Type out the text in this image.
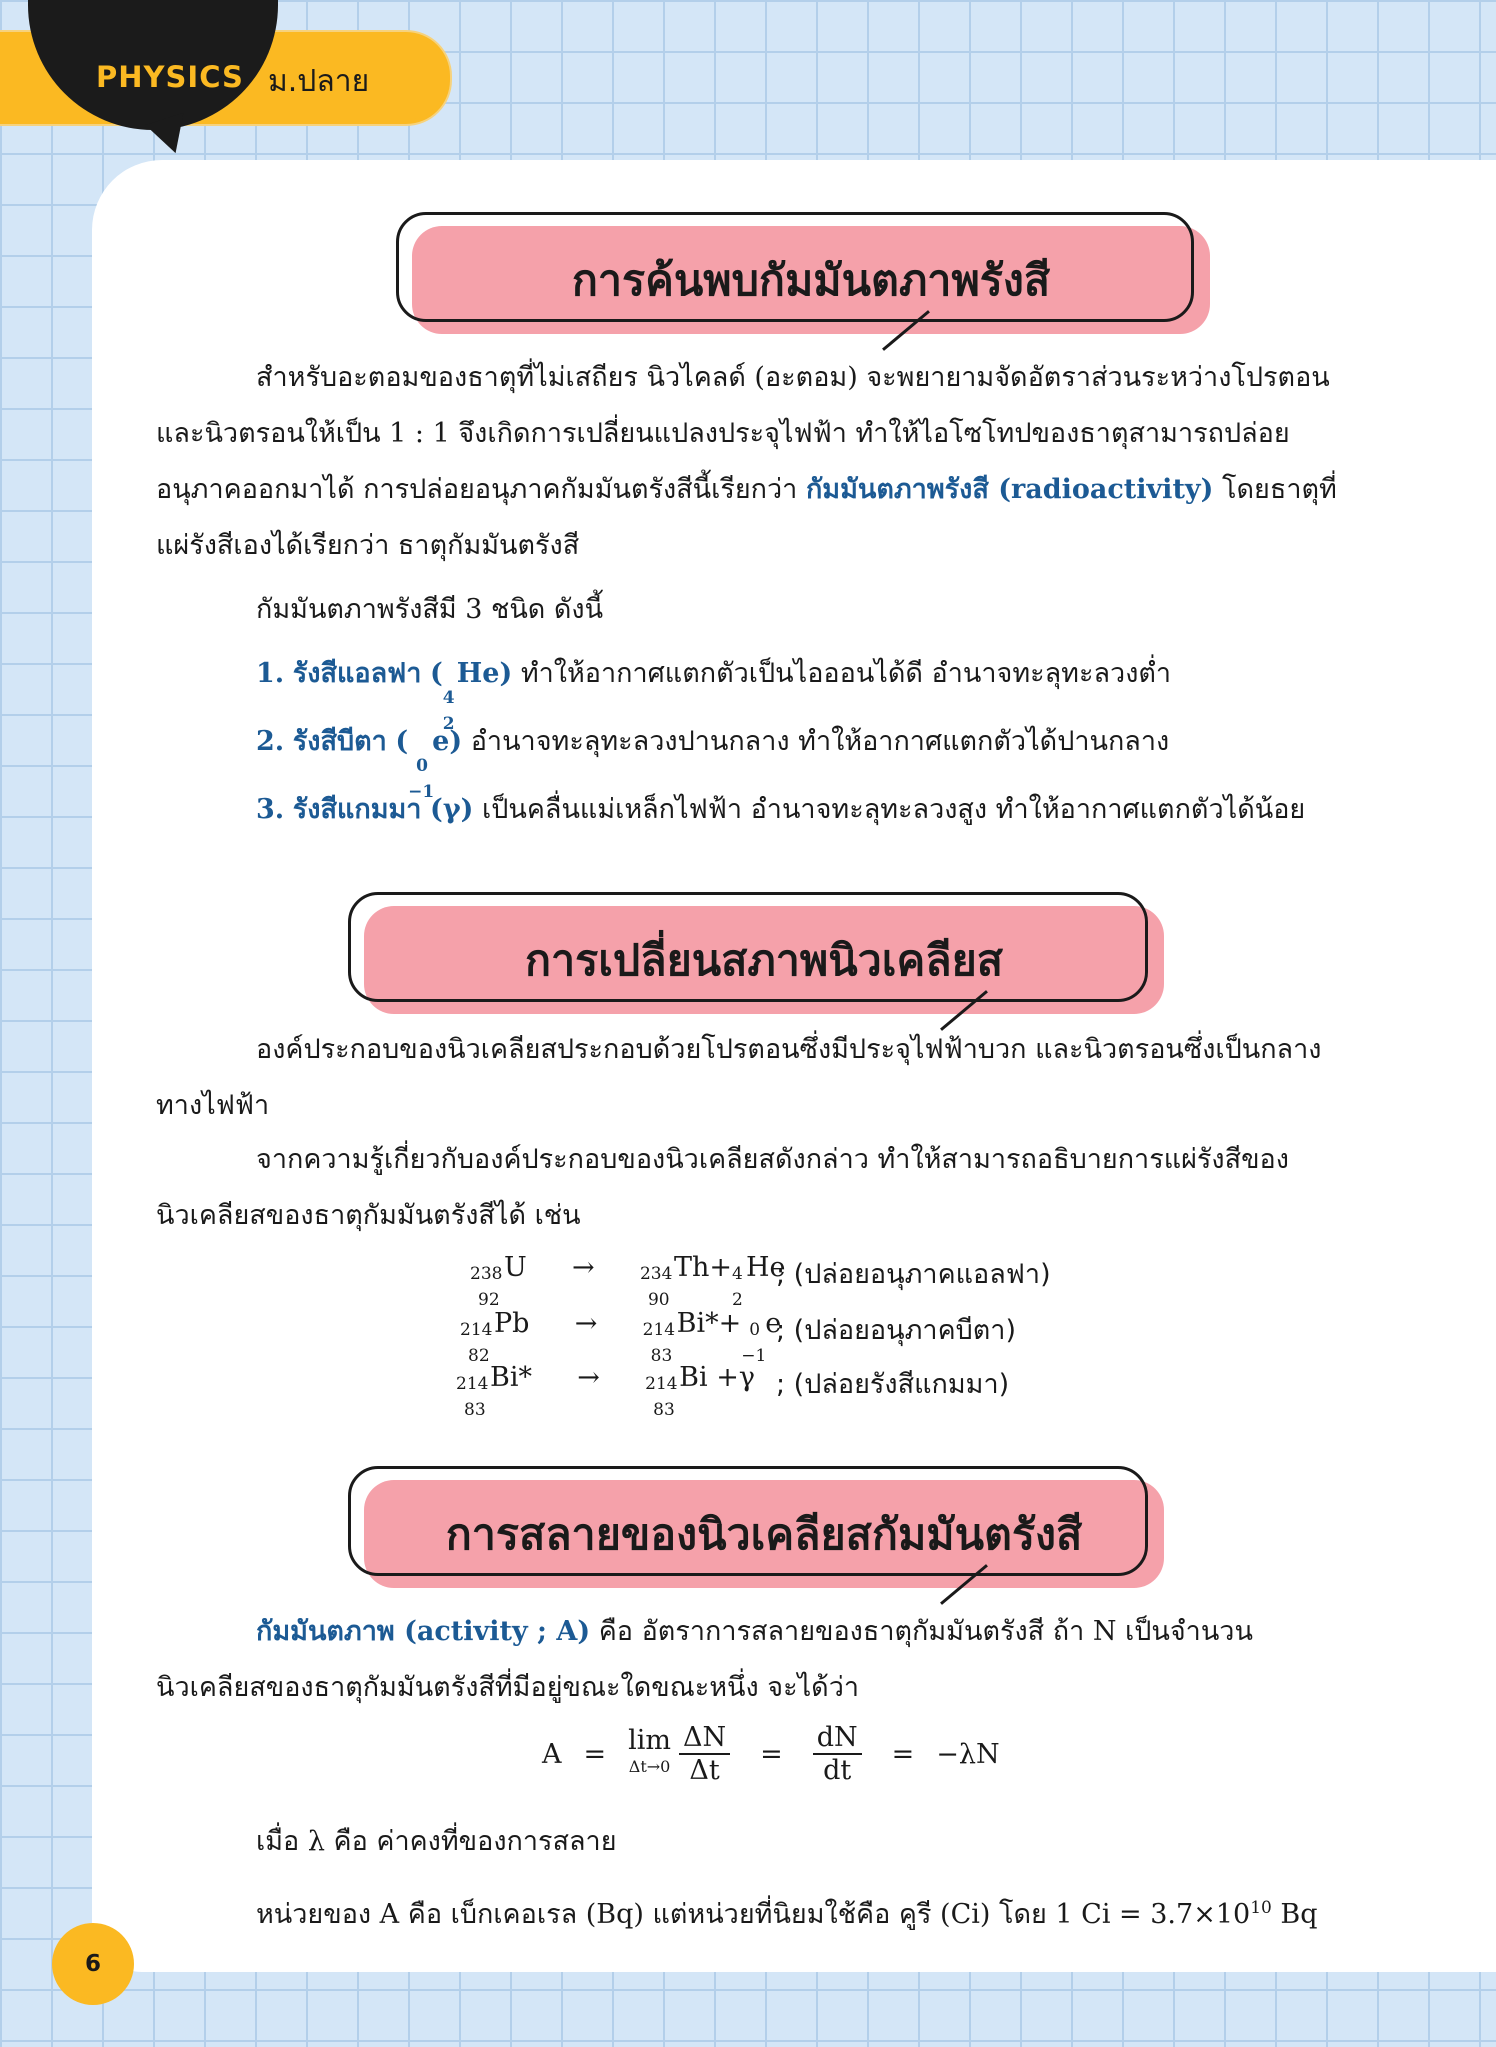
PHYSICS ม.ปลาย
การค้นพบกัมมันตภาพรังสี
สำหรับอะตอมของธาตุที่ไม่เสถียร นิวไคลด์ (อะตอม) จะพยายามจัดอัตราส่วนระหว่างโปรตอนและนิวตรอนให้เป็น 1 : 1 จึงเกิดการเปลี่ยนแปลงประจุไฟฟ้า ทำให้ไอโซโทปของธาตุสามารถปล่อยอนุภาคออกมาได้ การปล่อยอนุภาคกัมมันตรังสีนี้เรียกว่า กัมมันตภาพรังสี (radioactivity) โดยธาตุที่แผ่รังสีเองได้เรียกว่า ธาตุกัมมันตรังสี
กัมมันตภาพรังสีมี 3 ชนิด ดังนี้
1. รังสีแอลฟา (
4
2
He) ทำให้อากาศแตกตัวเป็นไอออนได้ดี อำนาจทะลุทะลวงต่ำ
2. รังสีบีตา (
0
−1
e) อำนาจทะลุทะลวงปานกลาง ทำให้อากาศแตกตัวได้ปานกลาง
3. รังสีแกมมา (γ) เป็นคลื่นแม่เหล็กไฟฟ้า อำนาจทะลุทะลวงสูง ทำให้อากาศแตกตัวได้น้อย
การเปลี่ยนสภาพนิวเคลียส
องค์ประกอบของนิวเคลียสประกอบด้วยโปรตอนซึ่งมีประจุไฟฟ้าบวก และนิวตรอนซึ่งเป็นกลางทางไฟฟ้า
จากความรู้เกี่ยวกับองค์ประกอบของนิวเคลียสดังกล่าว ทำให้สามารถอธิบายการแผ่รังสีของนิวเคลียสของธาตุกัมมันตรังสีได้ เช่น
238
92
U →	234
90
Th+ 4
2
He
; (ปล่อยอนุภาคแอลฟา)
214
82
Pb →	214
83
Bi*+ 0
−1
e
; (ปล่อยอนุภาคบีตา)
214
83
Bi* →	214
83
Bi +γ ; (ปล่อยรังสีแกมมา)
การสลายของนิวเคลียสกัมมันตรังสี
กัมมันตภาพ (activity ; A) คือ อัตราการสลายของธาตุกัมมันตรังสี ถ้า N เป็นจำนวนนิวเคลียสของธาตุกัมมันตรังสีที่มีอยู่ขณะใดขณะหนึ่ง จะได้ว่า
A = lim
$\Delta t\to 0 \frac{\Delta N}{\Delta t} = \frac{dN}{dt} = -\lambda N$
เมื่อ λ คือ ค่าคงที่ของการสลาย
หน่วยของ A คือ เบ็กเคอเรล (Bq) แต่หน่วยที่นิยมใช้คือ คูรี (Ci) โดย 1 $Ci = 3.7\times 10^{10}$ Bq
6
